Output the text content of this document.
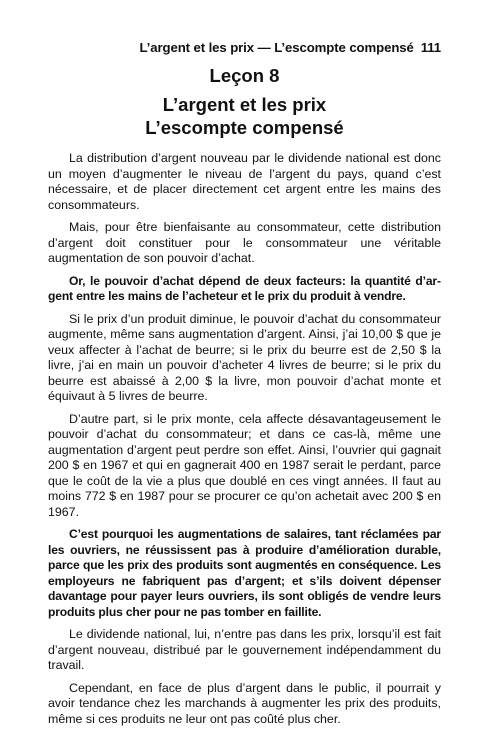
L’argent et les prix — L’escompte compensé 111
Leçon 8
L’argent et les prix
L’escompte compensé

La distribution d’argent nouveau par le dividende national est donc un moyen d’augmenter le niveau de l’argent du pays, quand c’est nécessaire, et de placer directement cet argent entre les mains des consommateurs.

Mais, pour être bienfaisante au consommateur, cette distribution d’argent doit constituer pour le consommateur une véritable augmentation de son pouvoir d’achat.

Or, le pouvoir d’achat dépend de deux facteurs: la quantité d’argent entre les mains de l’acheteur et le prix du produit à vendre.

Si le prix d’un produit diminue, le pouvoir d’achat du consommateur augmente, même sans augmentation d’argent. Ainsi, j’ai 10,00 $ que je veux affecter à l’achat de beurre; si le prix du beurre est de 2,50 $ la livre, j’ai en main un pouvoir d’acheter 4 livres de beurre; si le prix du beurre est abaissé à 2,00 $ la livre, mon pouvoir d’achat monte et équivaut à 5 livres de beurre.

D’autre part, si le prix monte, cela affecte désavantageusement le pouvoir d’achat du consommateur; et dans ce cas-là, même une augmentation d’argent peut perdre son effet. Ainsi, l’ouvrier qui gagnait 200 $ en 1967 et qui en gagnerait 400 en 1987 serait le perdant, parce que le coût de la vie a plus que doublé en ces vingt années. Il faut au moins 772 $ en 1987 pour se procurer ce qu’on achetait avec 200 $ en 1967.

C’est pourquoi les augmentations de salaires, tant réclamées par les ouvriers, ne réussissent pas à produire d’amélioration durable, parce que les prix des produits sont augmentés en conséquence. Les employeurs ne fabriquent pas d’argent; et s’ils doivent dépenser davantage pour payer leurs ouvriers, ils sont obligés de vendre leurs produits plus cher pour ne pas tomber en faillite.

Le dividende national, lui, n’entre pas dans les prix, lorsqu’il est fait d’argent nouveau, distribué par le gouvernement indépendamment du travail.

Cependant, en face de plus d’argent dans le public, il pourrait y avoir tendance chez les marchands à augmenter les prix des produits, même si ces produits ne leur ont pas coûté plus cher.
